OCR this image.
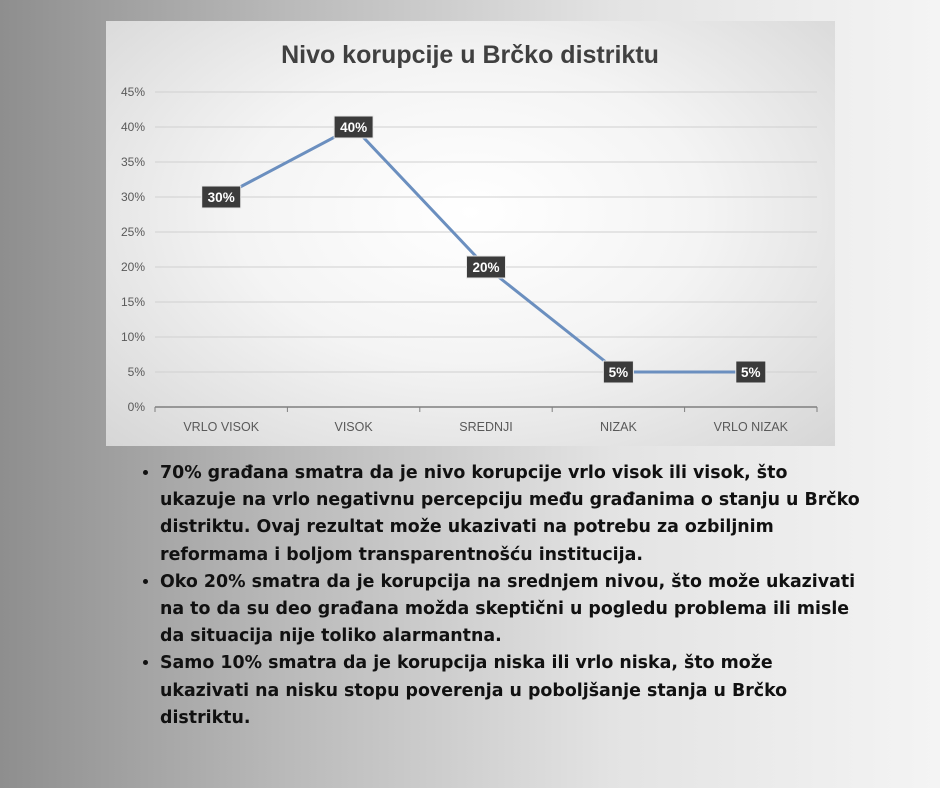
Nivo korupcije u Brčko distriktu
0%
5%
10%
15%
20%
25%
30%
35%
40%
45%
VRLO VISOK	VISOK	SREDNJI	NIZAK	VRLO NIZAK
30%
40%
20%
5%	5%
• 70% građana smatra da je nivo korupcije vrlo visok ili visok, što ukazuje na vrlo negativnu percepciju među građanima o stanju u Brčko distriktu. Ovaj rezultat može ukazivati na potrebu za ozbiljnim reformama i boljom transparentnošću institucija.
• Oko 20% smatra da je korupcija na srednjem nivou, što može ukazivati na to da su deo građana možda skeptični u pogledu problema ili misle da situacija nije toliko alarmantna.
• Samo 10% smatra da je korupcija niska ili vrlo niska, što može ukazivati na nisku stopu poverenja u poboljšanje stanja u Brčko distriktu.
